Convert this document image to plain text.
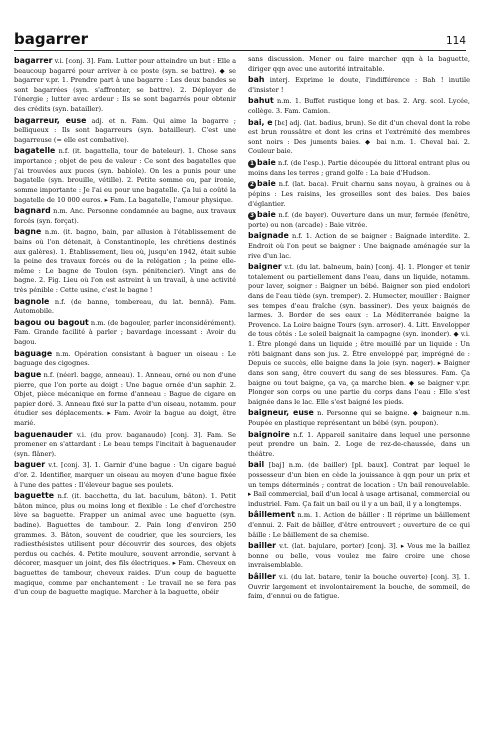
bagarrer	114

bagarrer v.i. [conj. 3]. Fam. Lutter pour atteindre un but : Elle a beaucoup bagarré pour arriver à ce poste (syn. se battre). ◆ se bagarrer v.pr. 1. Prendre part à une bagarre : Les deux bandes se sont bagarrées (syn. s'affronter, se battre). 2. Déployer de l'énergie ; lutter avec ardeur : Ils se sont bagarrés pour obtenir des crédits (syn. batailler).

bagarreur, euse adj. et n. Fam. Qui aime la bagarre ; belliqueux : Ils sont bagarreurs (syn. batailleur). C'est une bagarreuse (= elle est combative).

bagatelle n.f. (it. bagattella, tour de bateleur). 1. Chose sans importance ; objet de peu de valeur : Ce sont des bagatelles que j'ai trouvées aux puces (syn. babiole). On les a punis pour une bagatelle (syn. brouille, vétille). 2. Petite somme ou, par ironie, somme importante : Je l'ai eu pour une bagatelle. Ça lui a coûté la bagatelle de 10 000 euros. ▸ Fam. La bagatelle, l'amour physique.

bagnard n.m. Anc. Personne condamnée au bagne, aux travaux forcés (syn. forçat).

bagne n.m. (it. bagno, bain, par allusion à l'établissement de bains où l'on détenait, à Constantinople, les chrétiens destinés aux galères). 1. Établissement, lieu où, jusqu'en 1942, était subie la peine des travaux forcés ou de la relégation ; la peine elle-même : Le bagne de Toulon (syn. pénitencier). Vingt ans de bagne. 2. Fig. Lieu où l'on est astreint à un travail, à une activité très pénible : Cette usine, c'est le bagne !

bagnole n.f. (de banne, tombereau, du lat. bennā). Fam. Automobile.

bagou ou bagout n.m. (de bagouler, parler inconsidérément). Fam. Grande facilité à parler ; bavardage incessant : Avoir du bagou.

baguage n.m. Opération consistant à baguer un oiseau : Le baguage des cigognes.

bague n.f. (néerl. bagge, anneau). 1. Anneau, orné ou non d'une pierre, que l'on porte au doigt : Une bague ornée d'un saphir. 2. Objet, pièce mécanique en forme d'anneau : Bague de cigare en papier doré. 3. Anneau fixé sur la patte d'un oiseau, notamm. pour étudier ses déplacements. ▸ Fam. Avoir la bague au doigt, être marié.

baguenauder v.i. (du prov. baganaudo) [conj. 3]. Fam. Se promener en s'attardant : Le beau temps l'incitait à baguenauder (syn. flâner).

baguer v.t. [conj. 3]. 1. Garnir d'une bague : Un cigare bagué d'or. 2. Identifier, marquer un oiseau au moyen d'une bague fixée à l'une des pattes : Il'éleveur bague ses poulets.

baguette n.f. (it. bacchetta, du lat. baculum, bâton). 1. Petit bâton mince, plus ou moins long et flexible : Le chef d'orchestre lève sa baguette. Frapper un animal avec une baguette (syn. badine). Baguettes de tambour. 2. Pain long d'environ 250 grammes. 3. Bâton, souvent de coudrier, que les sourciers, les radiesthésistes utilisent pour découvrir des sources, des objets perdus ou cachés. 4. Petite moulure, souvent arrondie, servant à décorer, masquer un joint, des fils électriques. ▸ Fam. Cheveux en baguettes de tambour, cheveux raides. D'un coup de baguette magique, comme par enchantement : Le travail ne se fera pas d'un coup de baguette magique. Marcher à la baguette, obéir

sans discussion. Mener ou faire marcher qqn à la baguette, diriger qqn avec une autorité intraitable.

bah interj. Exprime le doute, l'indifférence : Bah ! inutile d'insister !

bahut n.m. 1. Buffet rustique long et bas. 2. Arg. scol. Lycée, collège. 3. Fam. Camion.

bai, e [bɛ] adj. (lat. badius, brun). Se dit d'un cheval dont la robe est brun roussâtre et dont les crins et l'extrémité des membres sont noirs : Des juments baies. ◆ bai n.m. 1. Cheval bai. 2. Couleur baie.

1 baie n.f. (de l'esp.). Partie découpée du littoral entrant plus ou moins dans les terres ; grand golfe : La baie d'Hudson.

2 baie n.f. (lat. baca). Fruit charnu sans noyau, à graines ou à pépins : Les raisins, les groseilles sont des baies. Des baies d'églantier.

3 baie n.f. (de bayer). Ouverture dans un mur, fermée (fenêtre, porte) ou non (arcade) : Baie vitrée.

baignade n.f. 1. Action de se baigner : Baignade interdite. 2. Endroit où l'on peut se baigner : Une baignade aménagée sur la rive d'un lac.

baigner v.t. (du lat. balneum, bain) [conj. 4]. 1. Plonger et tenir totalement ou partiellement dans l'eau, dans un liquide, notamm. pour laver, soigner : Baigner un bébé. Baigner son pied endolori dans de l'eau tiède (syn. tremper). 2. Humecter, mouiller : Baigner ses tempes d'eau fraîche (syn. bassiner). Des yeux baignés de larmes. 3. Border de ses eaux : La Méditerranée baigne la Provence. La Loire baigne Tours (syn. arroser). 4. Litt. Envelopper de tous côtés : Le soleil baignait la campagne (syn. inonder). ◆ v.i. 1. Être plongé dans un liquide ; être mouillé par un liquide : Un rôti baignant dans son jus. 2. Être enveloppé par, imprégné de : Depuis ce succès, elle baigne dans la joie (syn. nager). ▸ Baigner dans son sang, être couvert du sang de ses blessures. Fam. Ça baigne ou tout baigne, ça va, ça marche bien. ◆ se baigner v.pr. Plonger son corps ou une partie du corps dans l'eau : Elle s'est baignée dans le lac. Elle s'est baigné les pieds.

baigneur, euse n. Personne qui se baigne. ◆ baigneur n.m. Poupée en plastique représentant un bébé (syn. poupon).

baignoire n.f. 1. Appareil sanitaire dans lequel une personne peut prendre un bain. 2. Loge de rez-de-chaussée, dans un théâtre.

bail [baj] n.m. (de bailler) [pl. baux]. Contrat par lequel le possesseur d'un bien en cède la jouissance à qqn pour un prix et un temps déterminés ; contrat de location : Un bail renouvelable. ▸ Bail commercial, bail d'un local à usage artisanal, commercial ou industriel. Fam. Ça fait un bail ou il y a un bail, il y a longtemps.

bâillement n.m. 1. Action de bâiller : Il réprime un bâillement d'ennui. 2. Fait de bâiller, d'être entrouvert ; ouverture de ce qui bâille : Le bâillement de sa chemise.

bailler v.t. (lat. bajulare, porter) [conj. 3]. ▸ Vous me la baillez bonne ou belle, vous voulez me faire croire une chose invraisemblable.

bâiller v.i. (du lat. batare, tenir la bouche ouverte) [conj. 3]. 1. Ouvrir largement et involontairement la bouche, de sommeil, de faim, d'ennui ou de fatigue.
